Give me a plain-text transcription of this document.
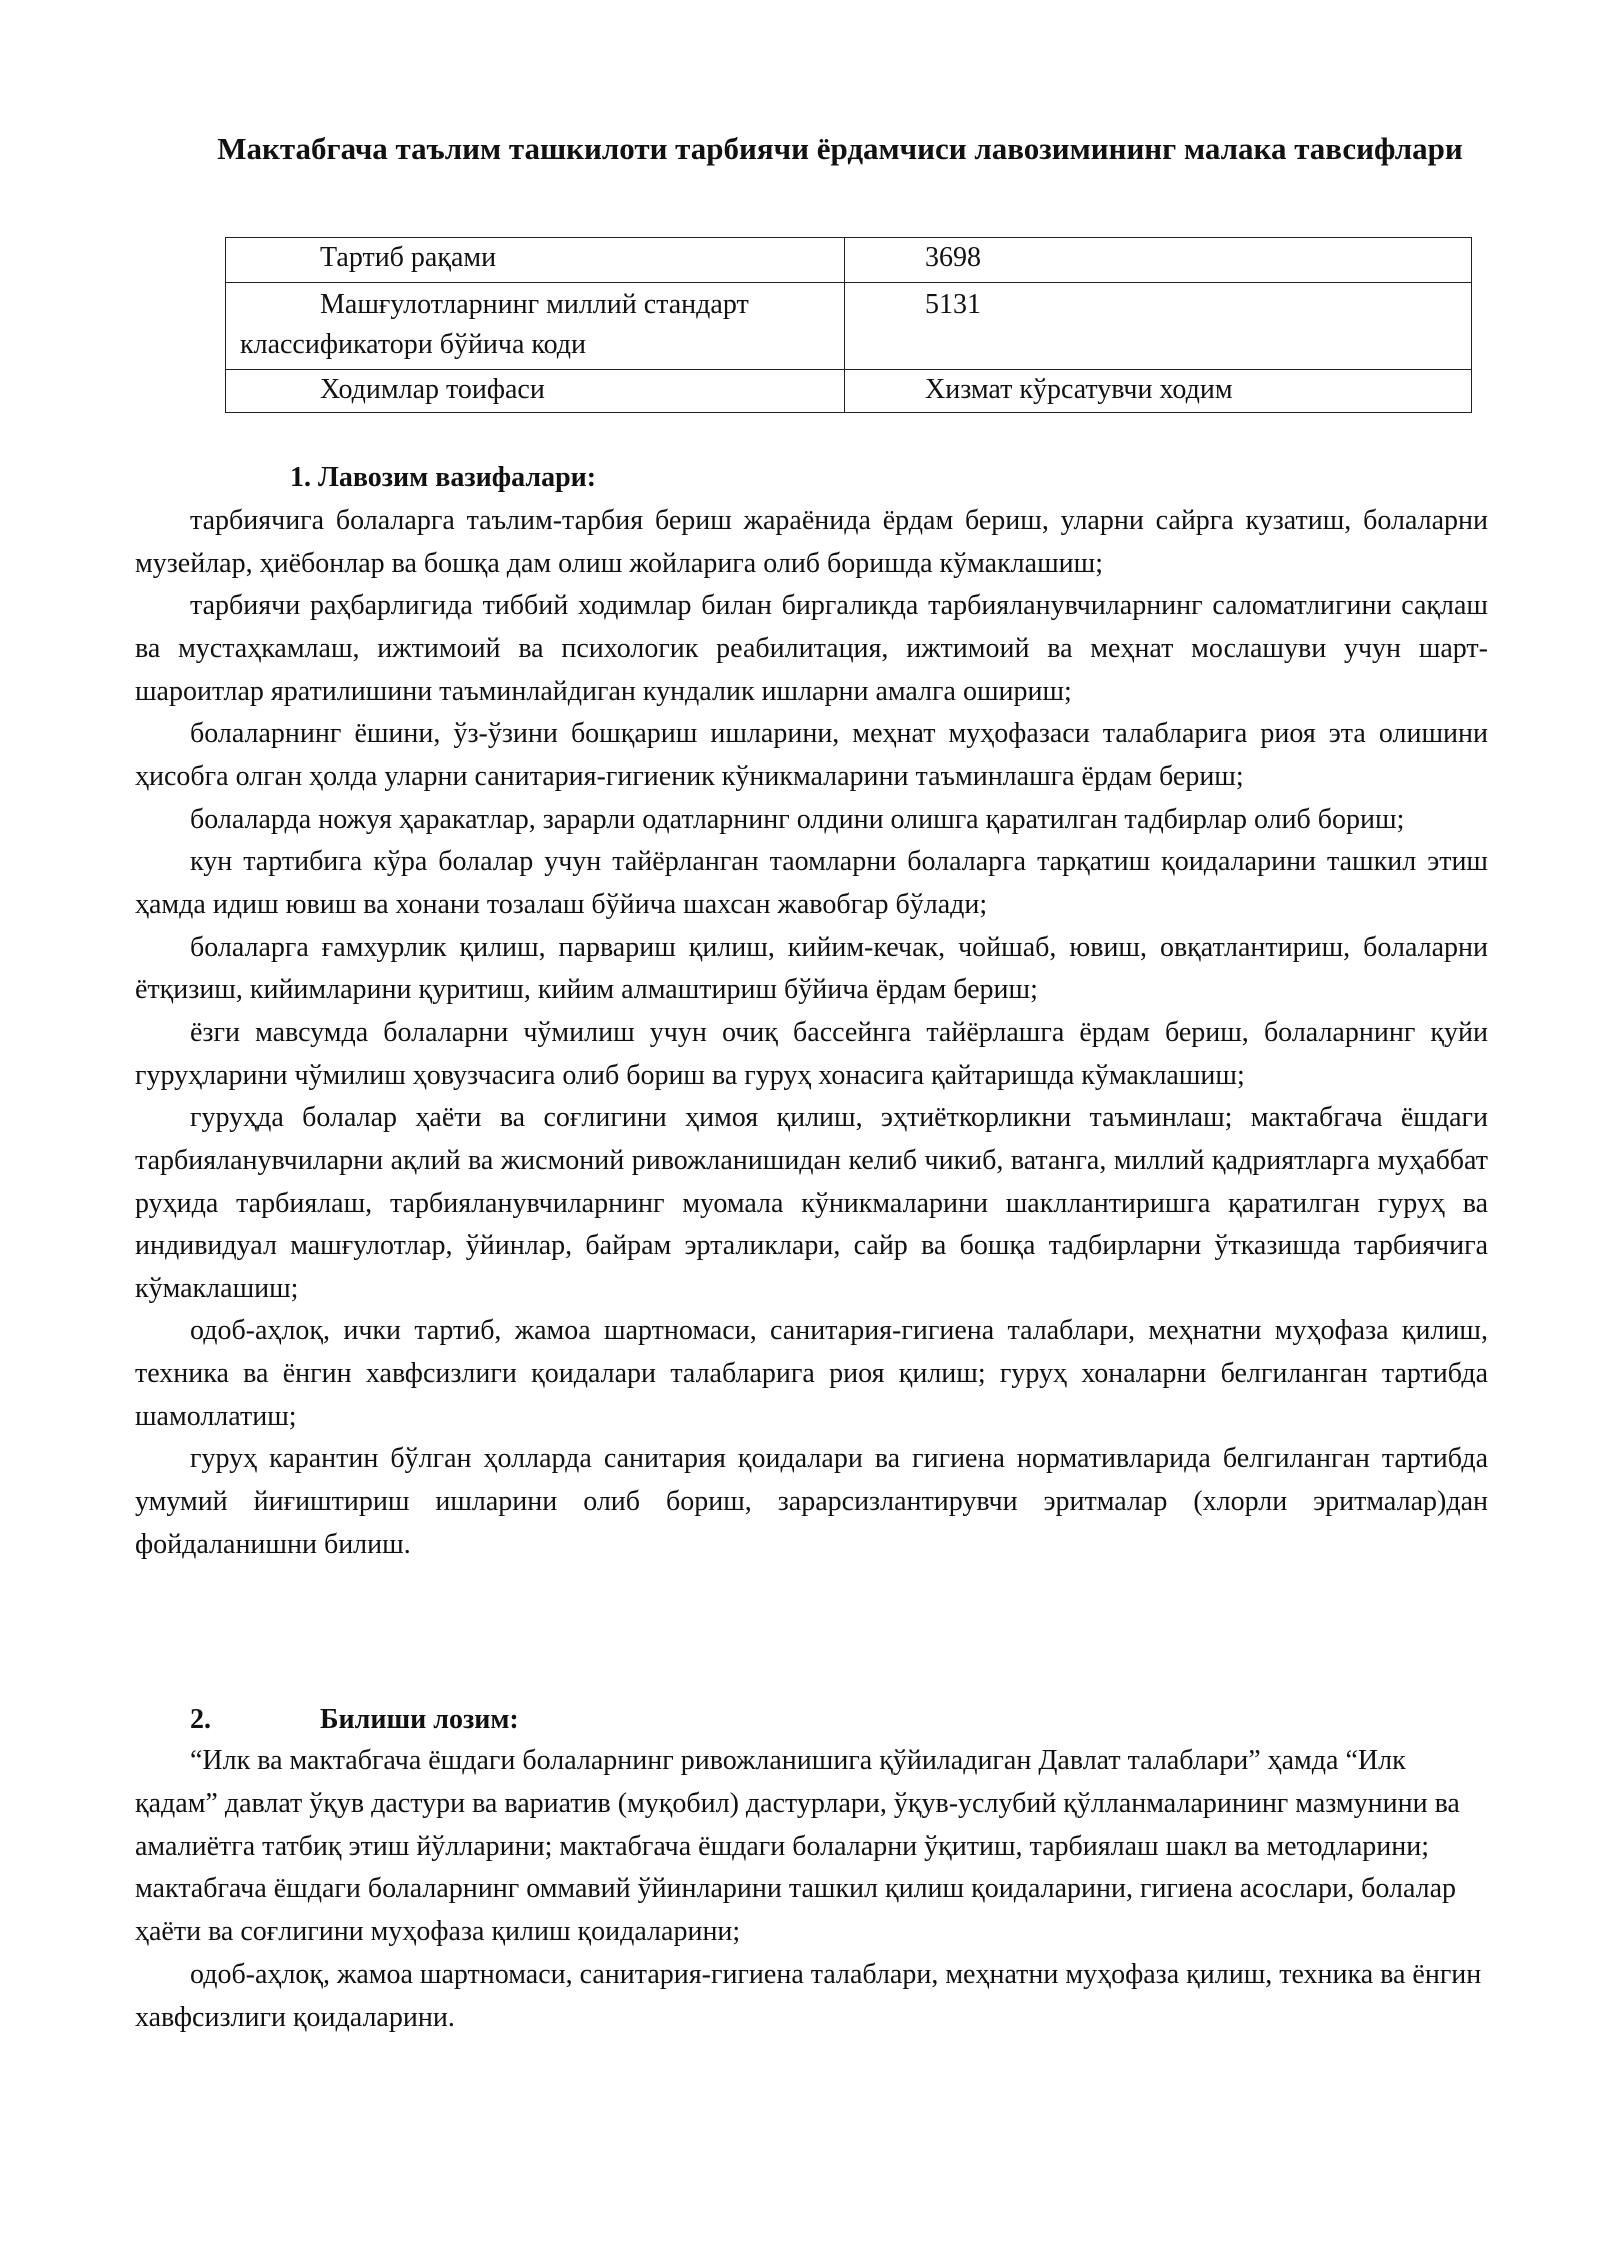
Мактабгача таълим ташкилоти тарбиячи ёрдамчиси лавозимининг малака тавсифлари
Тартиб рақами	3698
Машғулотларнинг миллий стандарт классификатори бўйича коди	5131
Ходимлар тоифаси	Хизмат кўрсатувчи ходим
1. Лавозим вазифалари:

тарбиячига болаларга таълим-тарбия бериш жараёнида ёрдам бериш, уларни сайрга кузатиш, болаларни музейлар, ҳиёбонлар ва бошқа дам олиш жойларига олиб боришда кўмаклашиш;

тарбиячи раҳбарлигида тиббий ходимлар билан биргаликда тарбияланувчиларнинг саломатлигини сақлаш ва мустаҳкамлаш, ижтимоий ва психологик реабилитация, ижтимоий ва меҳнат мослашуви учун шарт-шароитлар яратилишини таъминлайдиган кундалик ишларни амалга ошириш;

болаларнинг ёшини, ўз-ўзини бошқариш ишларини, меҳнат муҳофазаси талабларига риоя эта олишини ҳисобга олган ҳолда уларни санитария-гигиеник кўникмаларини таъминлашга ёрдам бериш;

болаларда ножуя ҳаракатлар, зарарли одатларнинг олдини олишга қаратилган тадбирлар олиб бориш;

кун тартибига кўра болалар учун тайёрланган таомларни болаларга тарқатиш қоидаларини ташкил этиш ҳамда идиш ювиш ва хонани тозалаш бўйича шахсан жавобгар бўлади;

болаларга ғамхурлик қилиш, парвариш қилиш, кийим-кечак, чойшаб, ювиш, овқатлантириш, болаларни ётқизиш, кийимларини қуритиш, кийим алмаштириш бўйича ёрдам бериш;

ёзги мавсумда болаларни чўмилиш учун очиқ бассейнга тайёрлашга ёрдам бериш, болаларнинг қуйи гуруҳларини чўмилиш ҳовузчасига олиб бориш ва гуруҳ хонасига қайтаришда кўмаклашиш;

гуруҳда болалар ҳаёти ва соғлигини ҳимоя қилиш, эҳтиёткорликни таъминлаш; мактабгача ёшдаги тарбияланувчиларни ақлий ва жисмоний ривожланишидан келиб чикиб, ватанга, миллий қадриятларга муҳаббат руҳида тарбиялаш, тарбияланувчиларнинг муомала кўникмаларини шакллантиришга қаратилган гуруҳ ва индивидуал машғулотлар, ўйинлар, байрам эрталиклари, сайр ва бошқа тадбирларни ўтказишда тарбиячига кўмаклашиш;

одоб-аҳлоқ, ички тартиб, жамоа шартномаси, санитария-гигиена талаблари, меҳнатни муҳофаза қилиш, техника ва ёнгин хавфсизлиги қоидалари талабларига риоя қилиш; гуруҳ хоналарни белгиланган тартибда шамоллатиш;

гуруҳ карантин бўлган ҳолларда санитария қоидалари ва гигиена нормативларида белгиланган тартибда умумий йиғиштириш ишларини олиб бориш, зарарсизлантирувчи эритмалар (хлорли эритмалар)дан фойдаланишни билиш.

2.	Билиши лозим:

“Илк ва мактабгача ёшдаги болаларнинг ривожланишига қўйиладиган Давлат талаблари” ҳамда “Илк қадам” давлат ўқув дастури ва вариатив (муқобил) дастурлари, ўқув-услубий қўлланмаларининг мазмунини ва амалиётга татбиқ этиш йўлларини; мактабгача ёшдаги болаларни ўқитиш, тарбиялаш шакл ва методларини; мактабгача ёшдаги болаларнинг оммавий ўйинларини ташкил қилиш қоидаларини, гигиена асослари, болалар ҳаёти ва соғлигини муҳофаза қилиш қоидаларини;

одоб-аҳлоқ, жамоа шартномаси, санитария-гигиена талаблари, меҳнатни муҳофаза қилиш, техника ва ёнгин хавфсизлиги қоидаларини.
